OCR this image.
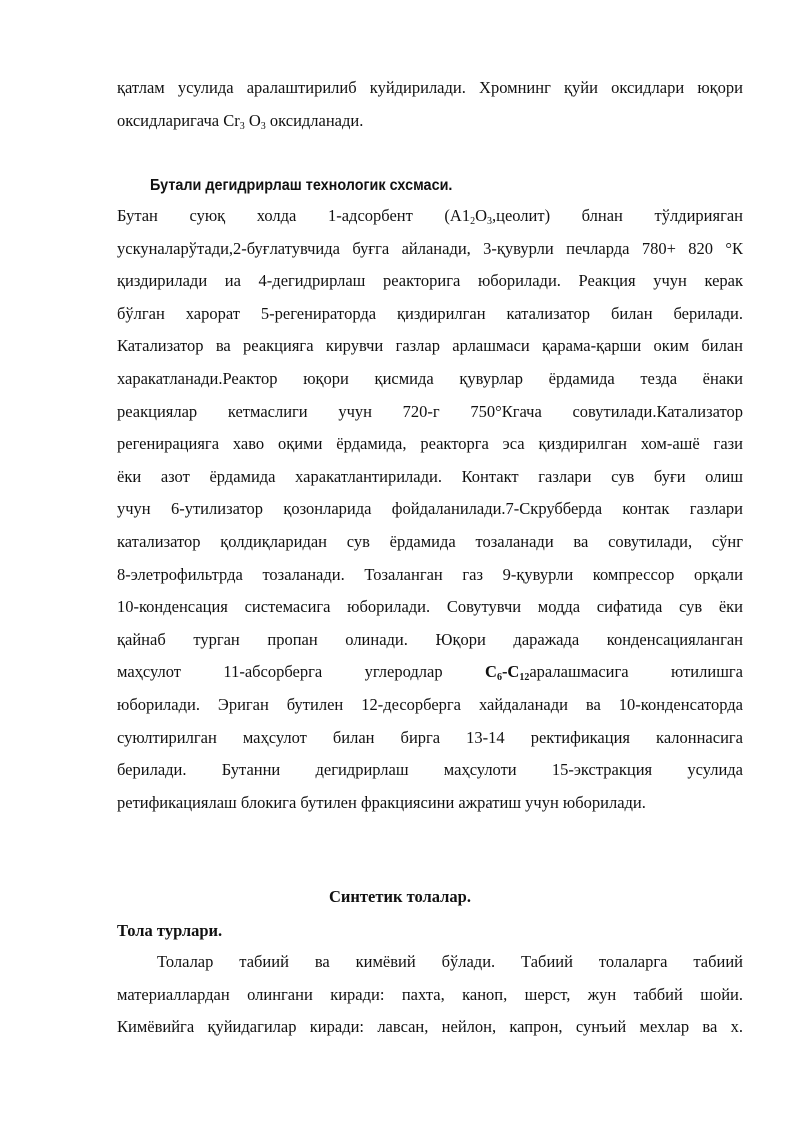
қатлам усулида аралаштирилиб куйдирилади. Хромнинг қуйи оксидлари юқори
оксидларигача $Cr_3$ $O_3$ оксидланади.
Бутали дегидрирлаш технологик схсмаси.
Бутан суюқ холда 1-адсорбент $(А1_2O_3,цеолит)$ блнан тўлдирияган
ускуналарўтади,2-буғлатувчида буғга айланади, 3-қувурли печларда 780+ 820 °К
қиздирилади иа 4-дегидрирлаш реакторига юборилади. Реакция учун керак
бўлган харорат 5-регениратoрда қиздирилган катализатор билан берилади.
Катализатор ва реакцияга кирувчи газлар арлашмаси қарама-қарши оким билан
харакатланади.Реактор юқори қисмида қувурлар ёрдамида тезда ёнаки
реакциялар кетмаслиги учун 720-г 750°Кгача совутилади.Катализатор
регенирацияга хаво оқими ёрдамида, реакторга эса қиздирилган хом-ашё гази
ёки азот ёрдамида харакатлантирилади. Контакт газлари сув буғи олиш
учун 6-утилизатор қозонларида фойдаланилади.7-Скрубберда контак газлари
катализатор қолдиқларидан сув ёрдамида тозаланади ва совутилади, сўнг
8-элетрофильтрда тозаланади. Тозаланган газ 9-қувурли компрессор орқали
10-конденсация системасига юборилади. Совутувчи модда сифатида сув ёки
қайнаб турган пропан олинади. Юқори даражада конденсацияланган
маҳсулот 11-абсорберга углеродлар	$C_6-C_{12}аралашмасига$ ютилишга
юборилади. Эриган бутилен 12-десорберга хайдаланади ва 10-конденсаторда
суюлтирилган маҳсулот билан бирга 13-14 ректификация калоннасига
берилади. Бутанни дегидрирлаш маҳсулоти 15-экстракция усулида
ретификациялаш блокига бутилен фракциясини ажратиш учун юборилади.
Синтетик толалар.
Тола турлари.
Толалар табиий ва кимёвий бўлади. Табиий толаларга табиий
материаллардан олингани киради: пахта, каноп, шерст, жун таббий шойи.
Кимёвийга қуйидагилар киради: лавсан, нейлон, капрон, сунъий мехлар ва х.
